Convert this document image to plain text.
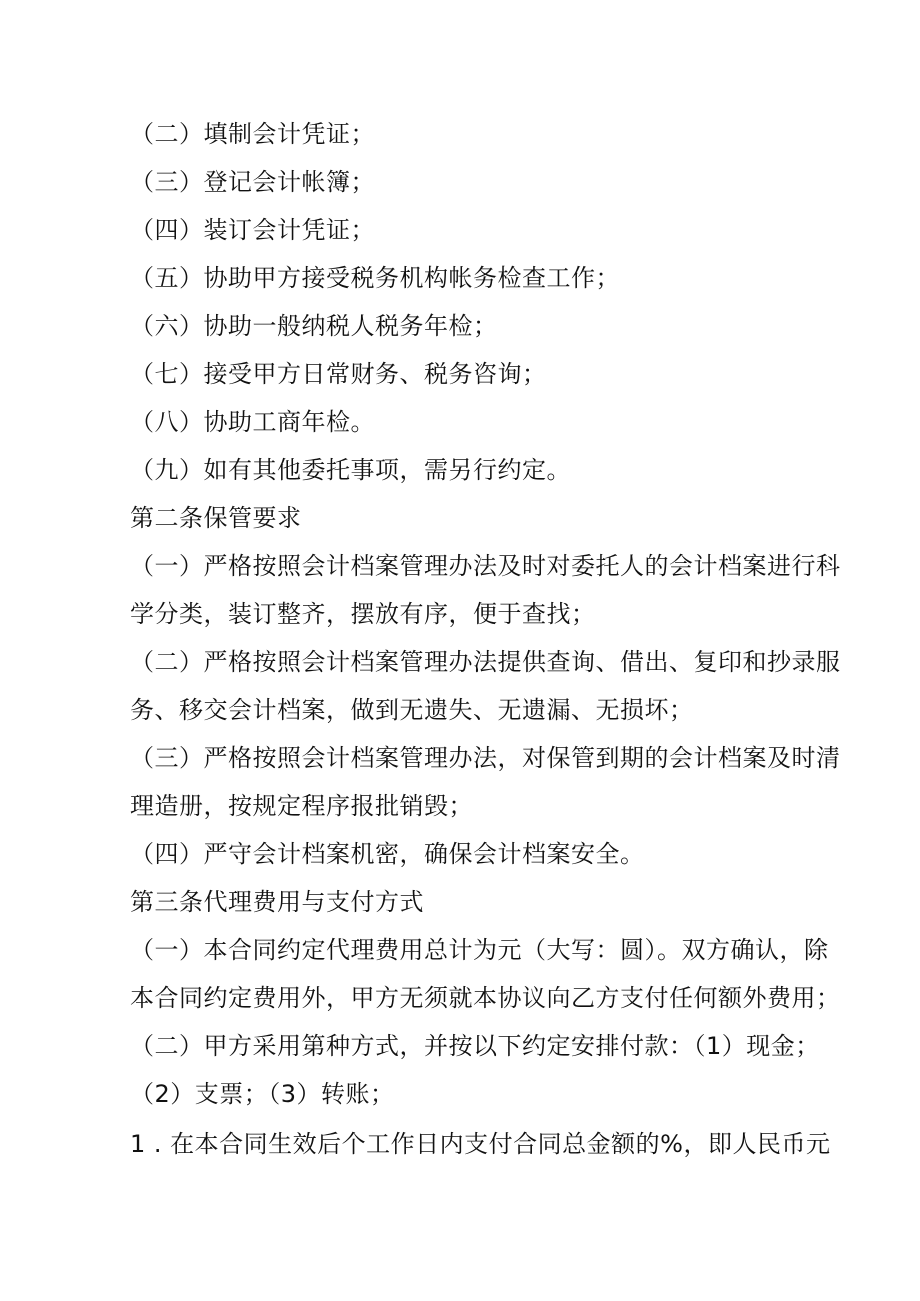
（二）填制会计凭证；
（三）登记会计帐簿；
（四）装订会计凭证；
（五）协助甲方接受税务机构帐务检查工作；
（六）协助一般纳税人税务年检；
（七）接受甲方日常财务、税务咨询；
（八）协助工商年检。
（九）如有其他委托事项，需另行约定。
第二条保管要求
（一）严格按照会计档案管理办法及时对委托人的会计档案进行科
学分类，装订整齐，摆放有序，便于查找；
（二）严格按照会计档案管理办法提供查询、借出、复印和抄录服
务、移交会计档案，做到无遗失、无遗漏、无损坏；
（三）严格按照会计档案管理办法，对保管到期的会计档案及时清
理造册，按规定程序报批销毁；
（四）严守会计档案机密，确保会计档案安全。
第三条代理费用与支付方式
（一）本合同约定代理费用总计为元（大写：圆）。双方确认，除
本合同约定费用外，甲方无须就本协议向乙方支付任何额外费用；
（二）甲方采用第种方式，并按以下约定安排付款：（1）现金；
（2）支票；（3）转账；
1 . 在本合同生效后个工作日内支付合同总金额的%，即人民币元
